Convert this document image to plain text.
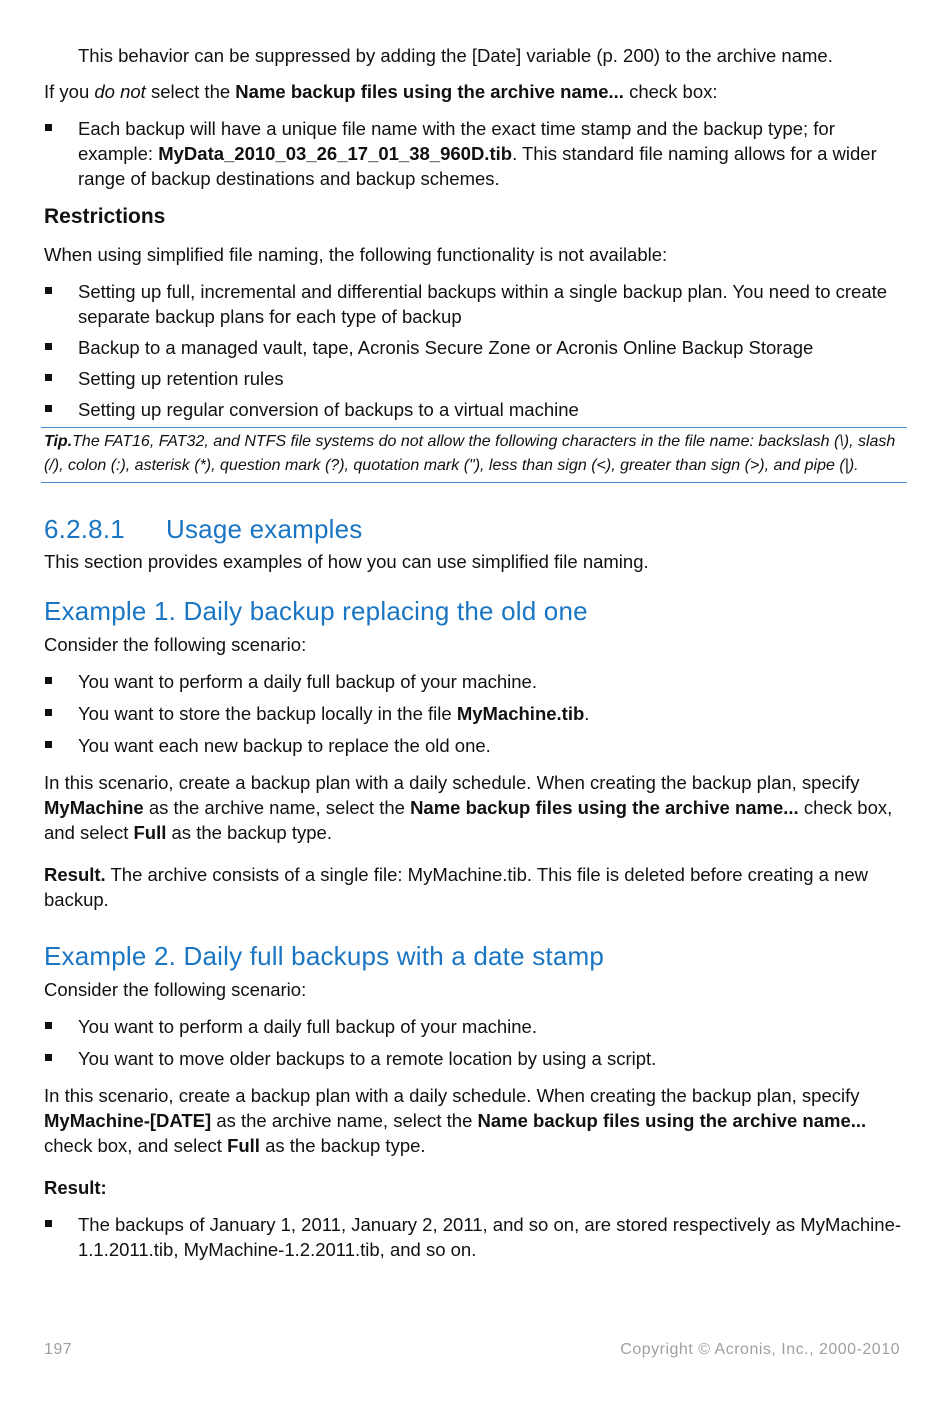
This behavior can be suppressed by adding the [Date] variable (p. 200) to the archive name.

If you do not select the Name backup files using the archive name... check box:

Each backup will have a unique file name with the exact time stamp and the backup type; for example: MyData_2010_03_26_17_01_38_960D.tib. This standard file naming allows for a wider range of backup destinations and backup schemes.
Restrictions

When using simplified file naming, the following functionality is not available:

Setting up full, incremental and differential backups within a single backup plan. You need to create separate backup plans for each type of backup
Backup to a managed vault, tape, Acronis Secure Zone or Acronis Online Backup Storage
Setting up retention rules
Setting up regular conversion of backups to a virtual machine

Tip.The FAT16, FAT32, and NTFS file systems do not allow the following characters in the file name: backslash (\), slash (/), colon (:), asterisk (*), question mark (?), quotation mark ("), less than sign (<), greater than sign (>), and pipe (|).

6.2.8.1 Usage examples

This section provides examples of how you can use simplified file naming.

Example 1. Daily backup replacing the old one

Consider the following scenario:

You want to perform a daily full backup of your machine.
You want to store the backup locally in the file MyMachine.tib.
You want each new backup to replace the old one.

In this scenario, create a backup plan with a daily schedule. When creating the backup plan, specify MyMachine as the archive name, select the Name backup files using the archive name... check box, and select Full as the backup type.

Result. The archive consists of a single file: MyMachine.tib. This file is deleted before creating a new backup.

Example 2. Daily full backups with a date stamp

Consider the following scenario:

You want to perform a daily full backup of your machine.
You want to move older backups to a remote location by using a script.

In this scenario, create a backup plan with a daily schedule. When creating the backup plan, specify MyMachine-[DATE] as the archive name, select the Name backup files using the archive name... check box, and select Full as the backup type.

Result:

The backups of January 1, 2011, January 2, 2011, and so on, are stored respectively as MyMachine-1.1.2011.tib, MyMachine-1.2.2011.tib, and so on.
197	Copyright © Acronis, Inc., 2000-2010
